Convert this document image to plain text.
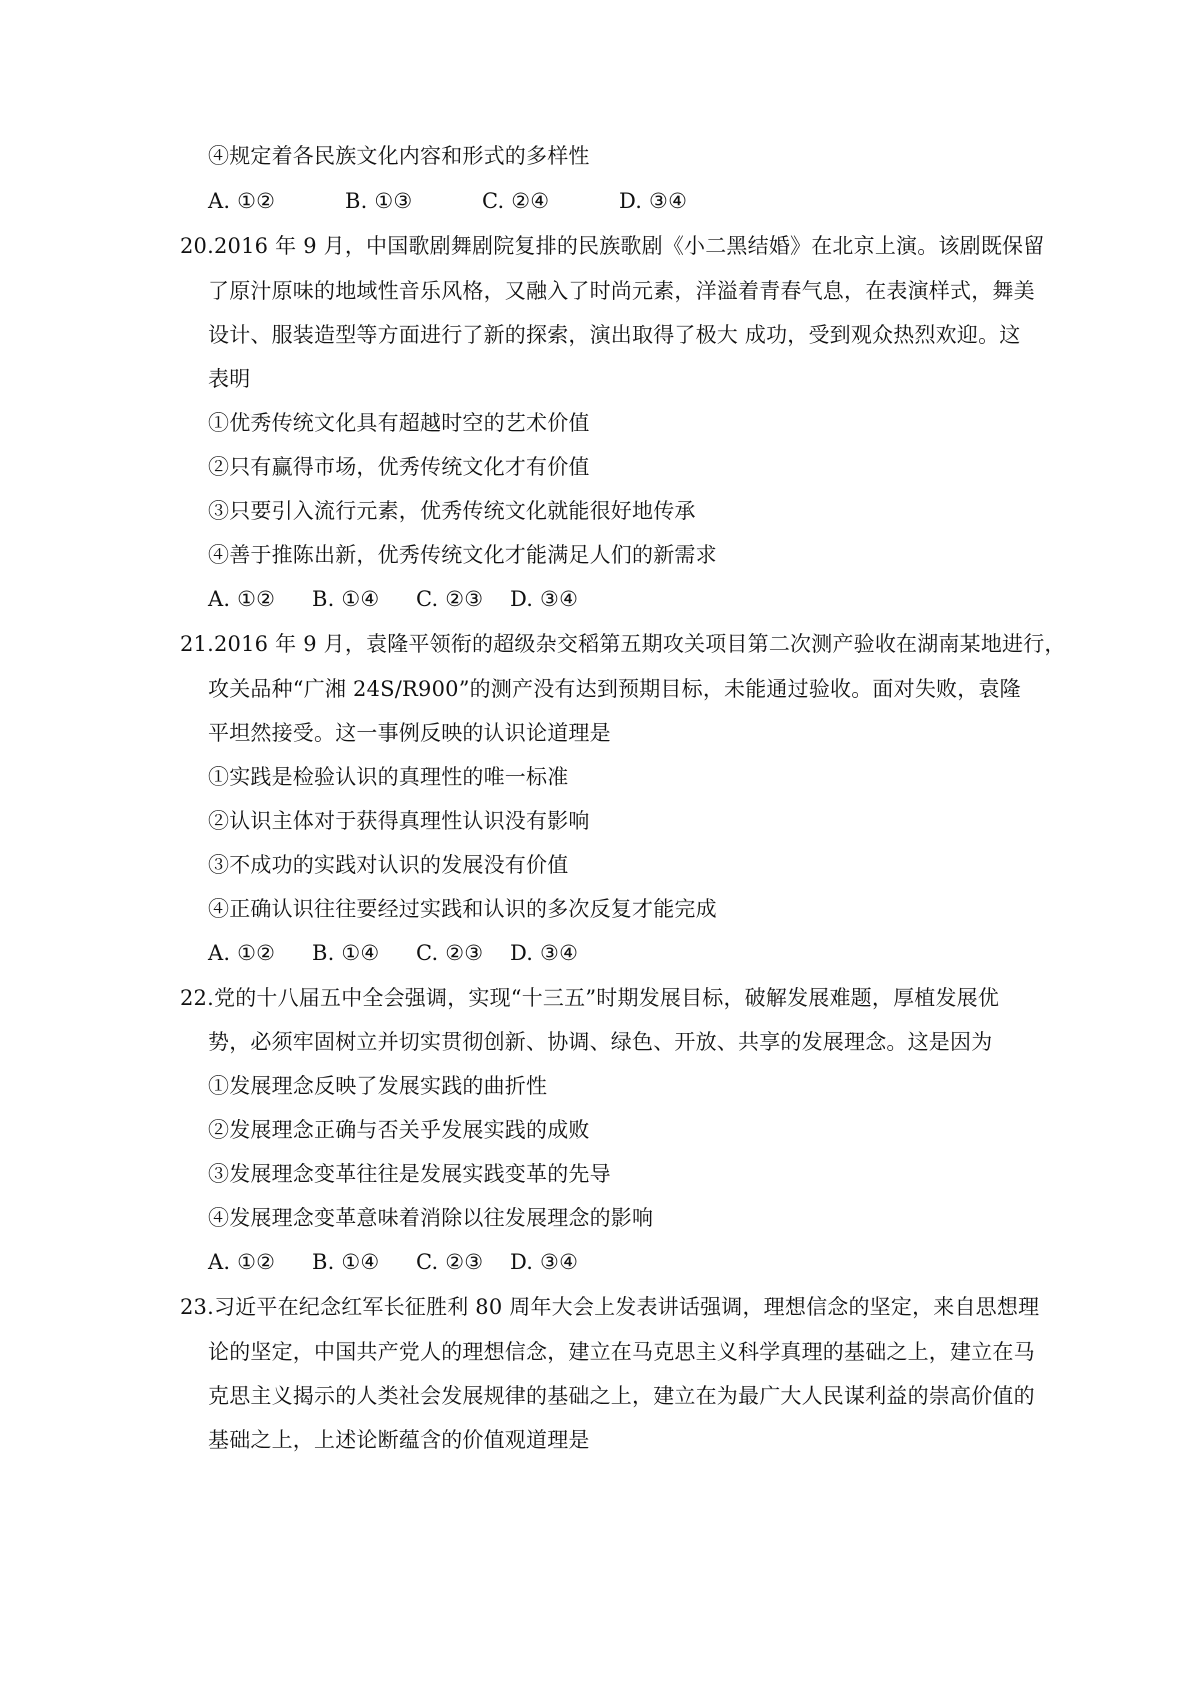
④规定着各民族文化内容和形式的多样性
A. ①②	B. ①③	C. ②④	D. ③④
20.2016 年 9 月，中国歌剧舞剧院复排的民族歌剧《小二黑结婚》在北京上演。该剧既保留
了原汁原味的地域性音乐风格，又融入了时尚元素，洋溢着青春气息，在表演样式，舞美
设计、服装造型等方面进行了新的探索，演出取得了极大 成功，受到观众热烈欢迎。这
表明
①优秀传统文化具有超越时空的艺术价值
②只有赢得市场，优秀传统文化才有价值
③只要引入流行元素，优秀传统文化就能很好地传承
④善于推陈出新，优秀传统文化才能满足人们的新需求
A. ①② B. ①④ C. ②③ D. ③④
21.2016 年 9 月，袁隆平领衔的超级杂交稻第五期攻关项目第二次测产验收在湖南某地进行，
攻关品种“广湘 24S/R900”的测产没有达到预期目标，未能通过验收。面对失败，袁隆
平坦然接受。这一事例反映的认识论道理是
①实践是检验认识的真理性的唯一标准
②认识主体对于获得真理性认识没有影响
③不成功的实践对认识的发展没有价值
④正确认识往往要经过实践和认识的多次反复才能完成
A. ①② B. ①④ C. ②③ D. ③④
22.党的十八届五中全会强调，实现“十三五”时期发展目标，破解发展难题，厚植发展优
势，必须牢固树立并切实贯彻创新、协调、绿色、开放、共享的发展理念。这是因为
①发展理念反映了发展实践的曲折性
②发展理念正确与否关乎发展实践的成败
③发展理念变革往往是发展实践变革的先导
④发展理念变革意味着消除以往发展理念的影响
A. ①② B. ①④ C. ②③ D. ③④
23.习近平在纪念红军长征胜利 80 周年大会上发表讲话强调，理想信念的坚定，来自思想理
论的坚定，中国共产党人的理想信念，建立在马克思主义科学真理的基础之上，建立在马
克思主义揭示的人类社会发展规律的基础之上，建立在为最广大人民谋利益的崇高价值的
基础之上，上述论断蕴含的价值观道理是
